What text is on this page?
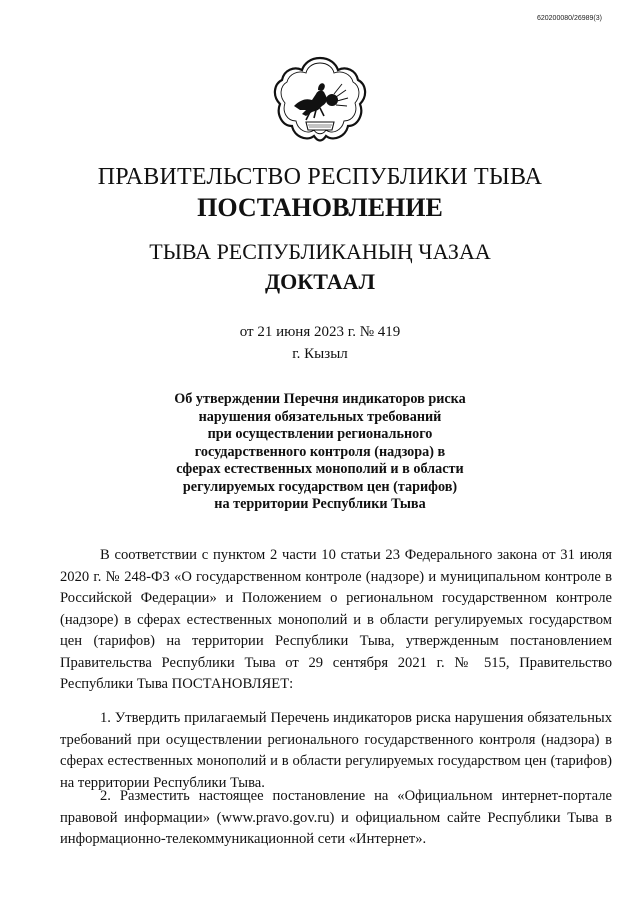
620200080/26989(3)
ПРАВИТЕЛЬСТВО РЕСПУБЛИКИ ТЫВА
ПОСТАНОВЛЕНИЕ
ТЫВА РЕСПУБЛИКАНЫҢ ЧАЗАА
ДОКТААЛ
от 21 июня 2023 г. № 419
г. Кызыл
Об утверждении Перечня индикаторов риска
нарушения обязательных требований
при осуществлении регионального
государственного контроля (надзора) в
сферах естественных монополий и в области
регулируемых государством цен (тарифов)
на территории Республики Тыва

В соответствии с пунктом 2 части 10 статьи 23 Федерального закона от 31 июля 2020 г. № 248-ФЗ «О государственном контроле (надзоре) и муниципальном контроле в Российской Федерации» и Положением о региональном государственном контроле (надзоре) в сферах естественных монополий и в области регулируемых государством цен (тарифов) на территории Республики Тыва, утвержденным постановлением Правительства Республики Тыва от 29 сентября 2021 г. № 515, Правительство Республики Тыва ПОСТАНОВЛЯЕТ:

1. Утвердить прилагаемый Перечень индикаторов риска нарушения обязательных требований при осуществлении регионального государственного контроля (надзора) в сферах естественных монополий и в области регулируемых государством цен (тарифов) на территории Республики Тыва.

2. Разместить настоящее постановление на «Официальном интернет-портале правовой информации» (www.pravo.gov.ru) и официальном сайте Республики Тыва в информационно-телекоммуникационной сети «Интернет».
